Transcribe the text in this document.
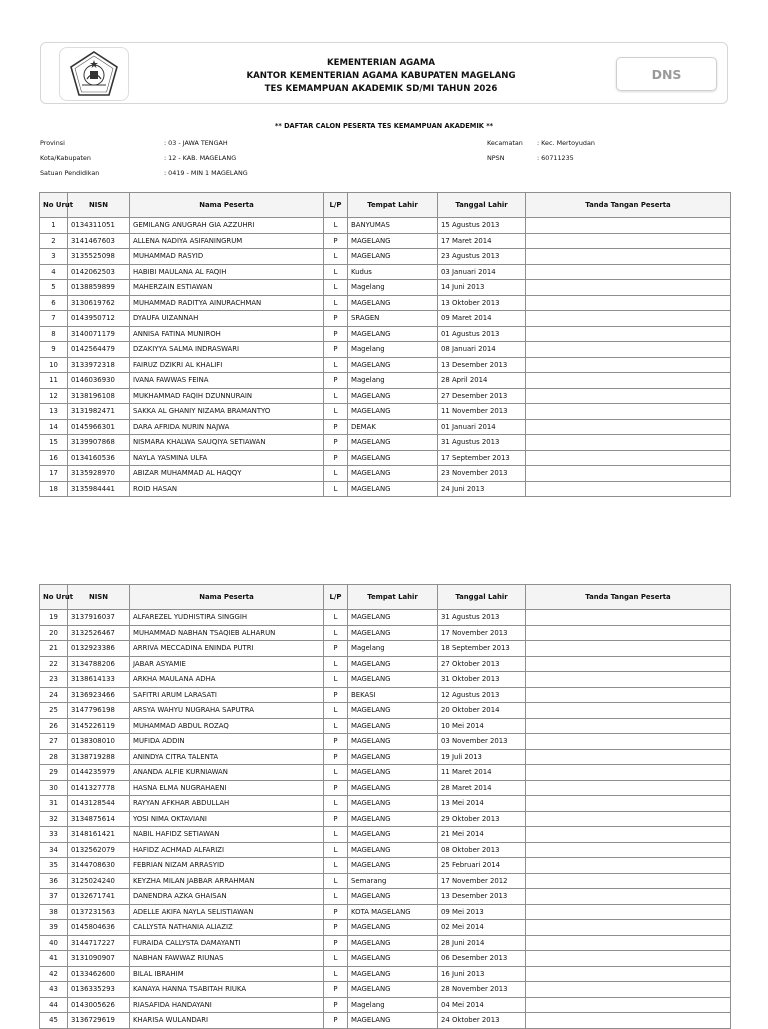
KEMENTERIAN AGAMA
KANTOR KEMENTERIAN AGAMA KABUPATEN MAGELANG
TES KEMAMPUAN AKADEMIK SD/MI TAHUN 2026
DNS
** DAFTAR CALON PESERTA TES KEMAMPUAN AKADEMIK **
Provinsi	: 03 - JAWA TENGAH
Kota/Kabupaten	: 12 - KAB. MAGELANG
Satuan Pendidikan	: 0419 - MIN 1 MAGELANG
Kecamatan	: Kec. Mertoyudan
NPSN	: 60711235
No Urut	NISN	Nama Peserta	L/P	Tempat Lahir	Tanggal Lahir	Tanda Tangan Peserta
1	0134311051	GEMILANG ANUGRAH GIA AZZUHRI	L	BANYUMAS	15 Agustus 2013	
2	3141467603	ALLENA NADIYA ASIFANINGRUM	P	MAGELANG	17 Maret 2014	
3	3135525098	MUHAMMAD RASYID	L	MAGELANG	23 Agustus 2013	
4	0142062503	HABIBI MAULANA AL FAQIH	L	Kudus	03 Januari 2014	
5	0138859899	MAHERZAIN ESTIAWAN	L	Magelang	14 Juni 2013	
6	3130619762	MUHAMMAD RADITYA AINURACHMAN	L	MAGELANG	13 Oktober 2013	
7	0143950712	DYAUFA UIZANNAH	P	SRAGEN	09 Maret 2014	
8	3140071179	ANNISA FATINA MUNIROH	P	MAGELANG	01 Agustus 2013	
9	0142564479	DZAKIYYA SALMA INDRASWARI	P	Magelang	08 Januari 2014	
10	3133972318	FAIRUZ DZIKRI AL KHALIFI	L	MAGELANG	13 Desember 2013	
11	0146036930	IVANA FAWWAS FEINA	P	Magelang	28 April 2014	
12	3138196108	MUKHAMMAD FAQIH DZUNNURAIN	L	MAGELANG	27 Desember 2013	
13	3131982471	SAKKA AL GHANIY NIZAMA BRAMANTYO	L	MAGELANG	11 November 2013	
14	0145966301	DARA AFRIDA NURIN NAJWA	P	DEMAK	01 Januari 2014	
15	3139907868	NISMARA KHALWA SAUQIYA SETIAWAN	P	MAGELANG	31 Agustus 2013	
16	0134160536	NAYLA YASMINA ULFA	P	MAGELANG	17 September 2013	
17	3135928970	ABIZAR MUHAMMAD AL HAQQY	L	MAGELANG	23 November 2013	
18	3135984441	ROID HASAN	L	MAGELANG	24 Juni 2013	
No Urut	NISN	Nama Peserta	L/P	Tempat Lahir	Tanggal Lahir	Tanda Tangan Peserta
19	3137916037	ALFAREZEL YUDHISTIRA SINGGIH	L	MAGELANG	31 Agustus 2013	
20	3132526467	MUHAMMAD NABHAN TSAQIEB ALHARUN	L	MAGELANG	17 November 2013	
21	0132923386	ARRIVA MECCADINA ENINDA PUTRI	P	Magelang	18 September 2013	
22	3134788206	JABAR ASYAMIE	L	MAGELANG	27 Oktober 2013	
23	3138614133	ARKHA MAULANA ADHA	L	MAGELANG	31 Oktober 2013	
24	3136923466	SAFITRI ARUM LARASATI	P	BEKASI	12 Agustus 2013	
25	3147796198	ARSYA WAHYU NUGRAHA SAPUTRA	L	MAGELANG	20 Oktober 2014	
26	3145226119	MUHAMMAD ABDUL ROZAQ	L	MAGELANG	10 Mei 2014	
27	0138308010	MUFIDA ADDIN	P	MAGELANG	03 November 2013	
28	3138719288	ANINDYA CITRA TALENTA	P	MAGELANG	19 Juli 2013	
29	0144235979	ANANDA ALFIE KURNIAWAN	L	MAGELANG	11 Maret 2014	
30	0141327778	HASNA ELMA NUGRAHAENI	P	MAGELANG	28 Maret 2014	
31	0143128544	RAYYAN AFKHAR ABDULLAH	L	MAGELANG	13 Mei 2014	
32	3134875614	YOSI NIMA OKTAVIANI	P	MAGELANG	29 Oktober 2013	
33	3148161421	NABIL HAFIDZ SETIAWAN	L	MAGELANG	21 Mei 2014	
34	0132562079	HAFIDZ ACHMAD ALFARIZI	L	MAGELANG	08 Oktober 2013	
35	3144708630	FEBRIAN NIZAM ARRASYID	L	MAGELANG	25 Februari 2014	
36	3125024240	KEYZHA MILAN JABBAR ARRAHMAN	L	Semarang	17 November 2012	
37	0132671741	DANENDRA AZKA GHAISAN	L	MAGELANG	13 Desember 2013	
38	0137231563	ADELLE AKIFA NAYLA SELISTIAWAN	P	KOTA MAGELANG	09 Mei 2013	
39	0145804636	CALLYSTA NATHANIA ALIAZIZ	P	MAGELANG	02 Mei 2014	
40	3144717227	FURAIDA CALLYSTA DAMAYANTI	P	MAGELANG	28 Juni 2014	
41	3131090907	NABHAN FAWWAZ RIUNAS	L	MAGELANG	06 Desember 2013	
42	0133462600	BILAL IBRAHIM	L	MAGELANG	16 Juni 2013	
43	0136335293	KANAYA HANNA TSABITAH RIUKA	P	MAGELANG	28 November 2013	
44	0143005626	RIASAFIDA HANDAYANI	P	Magelang	04 Mei 2014	
45	3136729619	KHARISA WULANDARI	P	MAGELANG	24 Oktober 2013	
